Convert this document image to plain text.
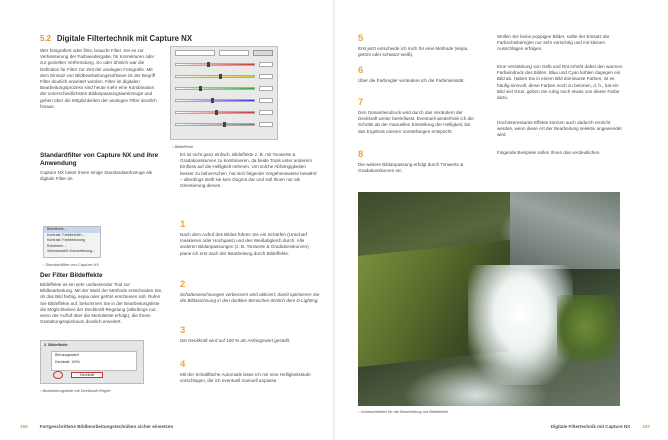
5.2 Digitale Filtertechnik mit Capture NX
Wer fotografiert oder filmt, braucht Filter. Sei es zur Verbesserung der Farbwiedergabe, für Korrekturen oder zur gezielten Verfremdung. So oder ähnlich war die Definition für Filter zur Zeit der analogen Fotografie. Mit dem Einsatz von Bildbearbeitungssoftware ist der Begriff Filter deutlich erweitert worden. Filter im digitalen Bearbeitungsprozess sind heute mehr eine Kombination der unterschiedlichsten Bildanpassungswerkzeuge und gehen über die Möglichkeiten der analogen Filter deutlich hinaus.
▪ Bildeffekte
Standardfilter von Capture NX und ihre Anwendung
Capture NX bietet Ihnen einige Standardwerkzeuge als digitale Filter an.
Bildeffekte…
Kontrast: Farbbereich…
Kontrast: Farbbetonung
Kolorieren…
Schwarzweiß-Konvertierung…
▪ Standardfilter von Capture NX
Der Filter Bildeffekte
Bildeffekte ist ein sehr umfassender Tool zur Bildbearbeitung. Mit der Wahl der Methode entscheiden Sie, ob das Bild farbig, sepia oder getönt erscheinen soll. Rufen Sie Bildeffekte auf, bekommen Sie in der Bearbeitungsliste die Möglichkeiten der Deckkraft-Regelung (allerdings nur, wenn der Aufruf über die Menüleiste erfolgt), die Ihnen Gestaltungsspielraum deutlich erweitert.
2. Bildeffekte
Bild ausgewählt
Deckkraft: 100%
Deckkraft
▪ Bearbeitungsliste mit Deckkraft-Regler
Es ist nicht ganz einfach, Bildeffekte z. B. mit Tonwerte & Gradationskurven zu kombinieren, da beide Tools unter anderem Einfluss auf die Helligkeit nehmen. Um solche Abhängigkeiten besser zu beherrschen, hat sich folgende Vorgehensweise bewährt – allerdings stellt sie kein Dogma dar und soll Ihnen nur als Orientierung dienen.
1
Nach dem Aufruf des Bildes führen Sie ein Schärfen (Unscharf maskieren oder Hochpass) und des Weißabgleich durch. Alle anderen Bildanpassungen (z. B. Tonwerte & Gradationskurven) plane ich erst nach der Bearbeitung durch Bildeffekte.
2
Schattenzeichnungen verbessern wird aktiviert, damit optimieren Sie die Bildzeichnung in den dunklen Bereichen ähnlich dem D-Lighting.
3
Die Deckkraft wird auf 100 % als Anfangswert gestellt.
4
Mit der Schaltfläche Automatik lasse ich mir eine Helligkeitsstufe vorschlagen, die ich eventuell manuell anpasse.
156	Fortgeschrittene Bildbearbeitungstechniken sicher einsetzen
5
Erst jetzt entscheide ich mich für eine Methode (sepia, getönt oder schwarz-weiß).
6
Über die Farbregler verändere ich die Farbintensität.
7
Den Gesamteindruck wird durch das Verändern der Deckkraft weiter beeinflusst. Eventuell wiederhole ich die Schritte ab der manuellen Einstellung der Helligkeit, bis das Ergebnis meinen Vorstellungen entspricht.
8
Die weitere Bildanpassung erfolgt durch Tonwerte & Gradationskurven etc.
Wollen Sie keine poppigen Bilder, sollte der Einsatz der Farbschieberegler nur sehr vorsichtig und mit kleinen Ausschlägen erfolgen.
Eine Verstärkung von Gelb und Rot erhöht dabei den warmen Farbeindruck des Bildes. Blau und Cyan kühlen dagegen ein Bild ab. Haben Sie in einem Bild dominante Farben, ist es häufig sinnvoll, diese Farben noch zu betonen, d. h., hat ein Bild viel Grün, geben Sie ruhig noch etwas von dieser Farbe dazu.
Hochinteressante Effekte können auch dadurch erreicht werden, wenn diese Art der Bearbeitung selektiv angewendet wird.
Folgende Beispiele sollen Ihnen das verdeutlichen.
▪ Unbearbeitetet für die Bearbeitung mit Bildeffekte
Digitale Filtertechnik mit Capture NX	157
